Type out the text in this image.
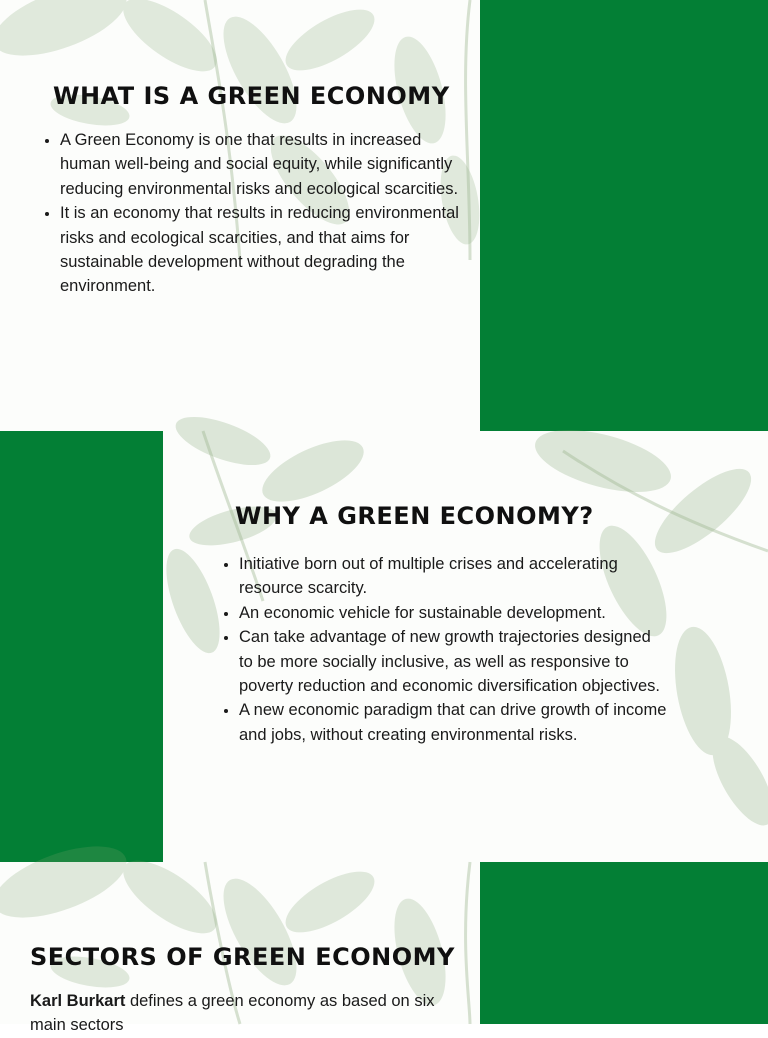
WHAT IS A GREEN ECONOMY
• A Green Economy is one that results in increased human well-being and social equity, while significantly reducing environmental risks and ecological scarcities.
• It is an economy that results in reducing environmental risks and ecological scarcities, and that aims for sustainable development without degrading the environment.
WHY A GREEN ECONOMY?
• Initiative born out of multiple crises and accelerating resource scarcity.
• An economic vehicle for sustainable development.
• Can take advantage of new growth trajectories designed to be more socially inclusive, as well as responsive to poverty reduction and economic diversification objectives.
• A new economic paradigm that can drive growth of income and jobs, without creating environmental risks.
SECTORS OF GREEN ECONOMY

Karl Burkart defines a green economy as based on six main sectors
